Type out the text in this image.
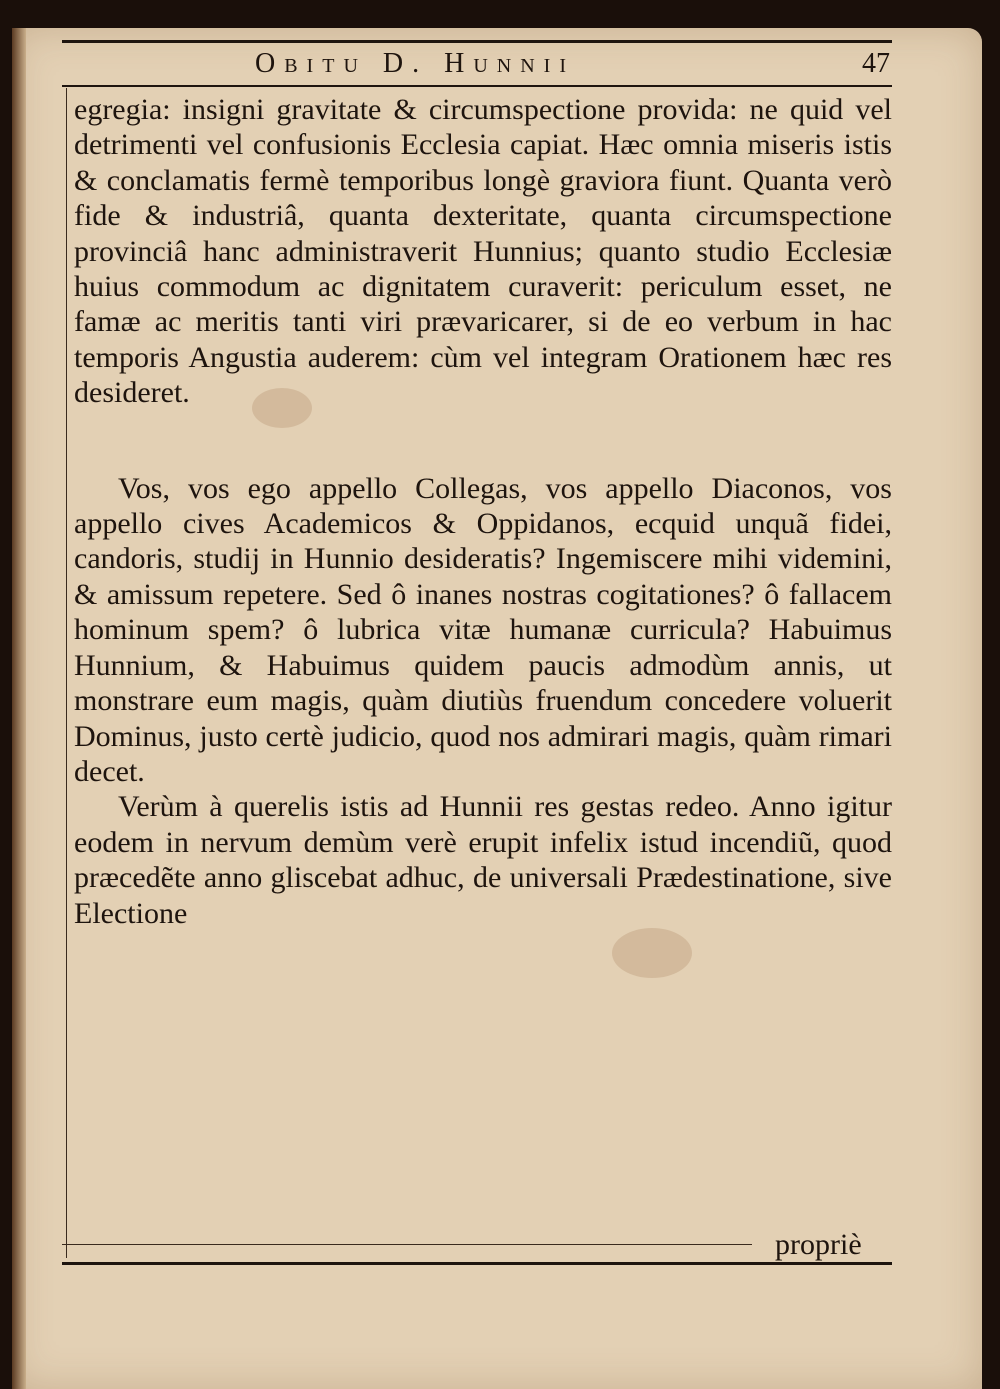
Obitu D. Hunnii	47

egregia: insigni gravitate & circumspectione provida: ne quid vel detrimenti vel confusionis Ecclesia capiat. Hæc omnia miseris istis & conclamatis fermè temporibus longè graviora fiunt. Quanta verò fide & industriâ, quanta dexteritate, quanta circumspectione provinciâ hanc administraverit Hunnius; quanto studio Ecclesiæ huius commodum ac dignitatem curaverit: periculum esset, ne famæ ac meritis tanti viri prævaricarer, si de eo verbum in hac temporis Angustia auderem: cùm vel integram Orationem hæc res desideret.

Vos, vos ego appello Collegas, vos appello Diaconos, vos appello cives Academicos & Oppidanos, ecquid unquã fidei, candoris, studij in Hunnio desideratis? Ingemiscere mihi videmini, & amissum repetere. Sed ô inanes nostras cogitationes? ô fallacem hominum spem? ô lubrica vitæ humanæ curricula? Habuimus Hunnium, & Habuimus quidem paucis admodùm annis, ut monstrare eum magis, quàm diutiùs fruendum concedere voluerit Dominus, justo certè judicio, quod nos admirari magis, quàm rimari decet.

Verùm à querelis istis ad Hunnii res gestas redeo. Anno igitur eodem in nervum demùm verè erupit infelix istud incendiũ, quod præcedẽte anno gliscebat adhuc, de universali Prædestinatione, sive Electione

propriè
